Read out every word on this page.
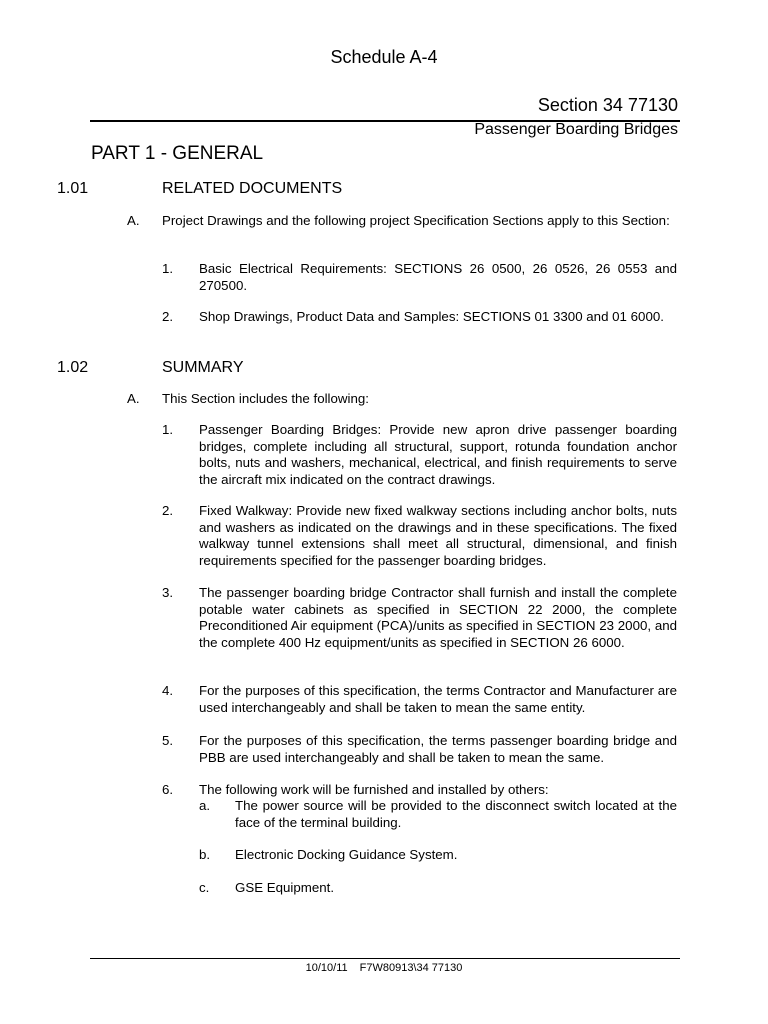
Schedule A-4
Section 34 77130
Passenger Boarding Bridges
PART 1 - GENERAL
1.01	RELATED DOCUMENTS
A. Project Drawings and the following project Specification Sections apply to this Section:
1. Basic Electrical Requirements: SECTIONS 26 0500, 26 0526, 26 0553 and 270500.
2. Shop Drawings, Product Data and Samples: SECTIONS 01 3300 and 01 6000.
1.02	SUMMARY
A. This Section includes the following:
1. Passenger Boarding Bridges: Provide new apron drive passenger boarding bridges, complete including all structural, support, rotunda foundation anchor bolts, nuts and washers, mechanical, electrical, and finish requirements to serve the aircraft mix indicated on the contract drawings.
2. Fixed Walkway: Provide new fixed walkway sections including anchor bolts, nuts and washers as indicated on the drawings and in these specifications. The fixed walkway tunnel extensions shall meet all structural, dimensional, and finish requirements specified for the passenger boarding bridges.
3. The passenger boarding bridge Contractor shall furnish and install the complete potable water cabinets as specified in SECTION 22 2000, the complete Preconditioned Air equipment (PCA)/units as specified in SECTION 23 2000, and the complete 400 Hz equipment/units as specified in SECTION 26 6000.
4. For the purposes of this specification, the terms Contractor and Manufacturer are used interchangeably and shall be taken to mean the same entity.
5. For the purposes of this specification, the terms passenger boarding bridge and PBB are used interchangeably and shall be taken to mean the same.
6. The following work will be furnished and installed by others:
a. The power source will be provided to the disconnect switch located at the face of the terminal building.
b. Electronic Docking Guidance System.
c. GSE Equipment.
10/10/11 F7W80913\34 77130
